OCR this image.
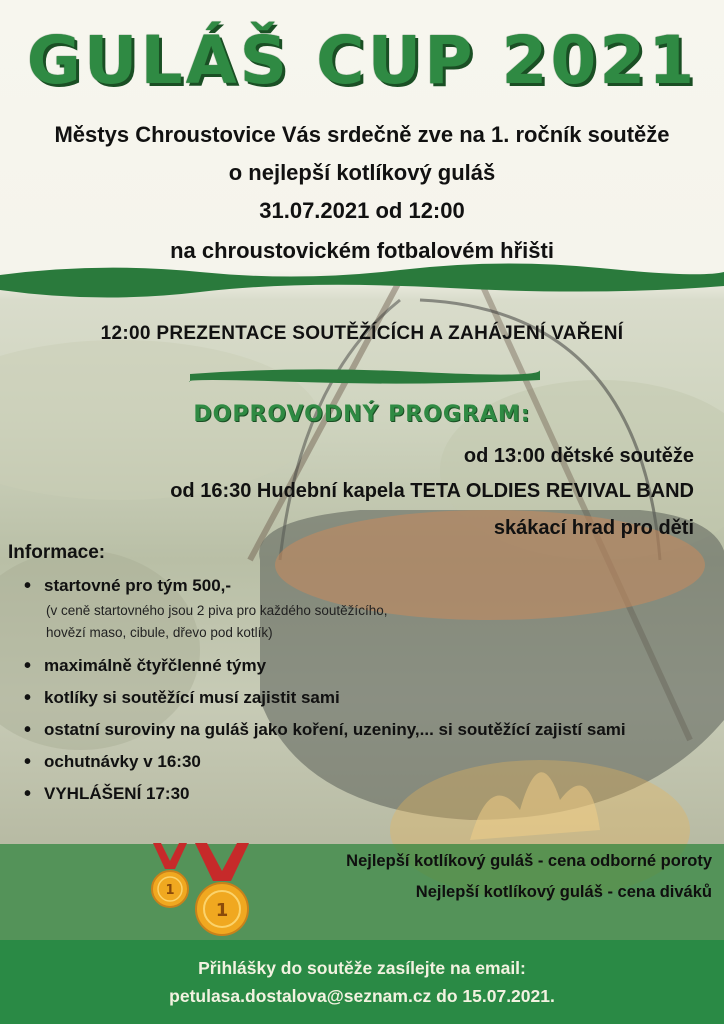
GULÁŠ CUP 2021
Městys Chroustovice Vás srdečně zve na 1. ročník soutěže
o nejlepší kotlíkový guláš
31.07.2021 od 12:00
na chroustovickém fotbalovém hřišti
12:00 PREZENTACE SOUTĚŽÍCÍCH A ZAHÁJENÍ VAŘENÍ
DOPROVODNÝ PROGRAM:
od 13:00 dětské soutěže
od 16:30 Hudební kapela TETA OLDIES REVIVAL BAND
skákací hrad pro děti
Informace:
• startovné pro tým 500,-
(v ceně startovného jsou 2 piva pro každého soutěžícího,
hovězí maso, cibule, dřevo pod kotlík)
• maximálně čtyřčlenné týmy
• kotlíky si soutěžící musí zajistit sami
• ostatní suroviny na guláš jako koření, uzeniny,... si soutěžící zajistí sami
• ochutnávky v 16:30
• VYHLÁŠENÍ 17:30
1
1
Nejlepší kotlíkový guláš - cena odborné poroty
Nejlepší kotlíkový guláš - cena diváků
Přihlášky do soutěže zasílejte na email:
petulasa.dostalova@seznam.cz do 15.07.2021.
